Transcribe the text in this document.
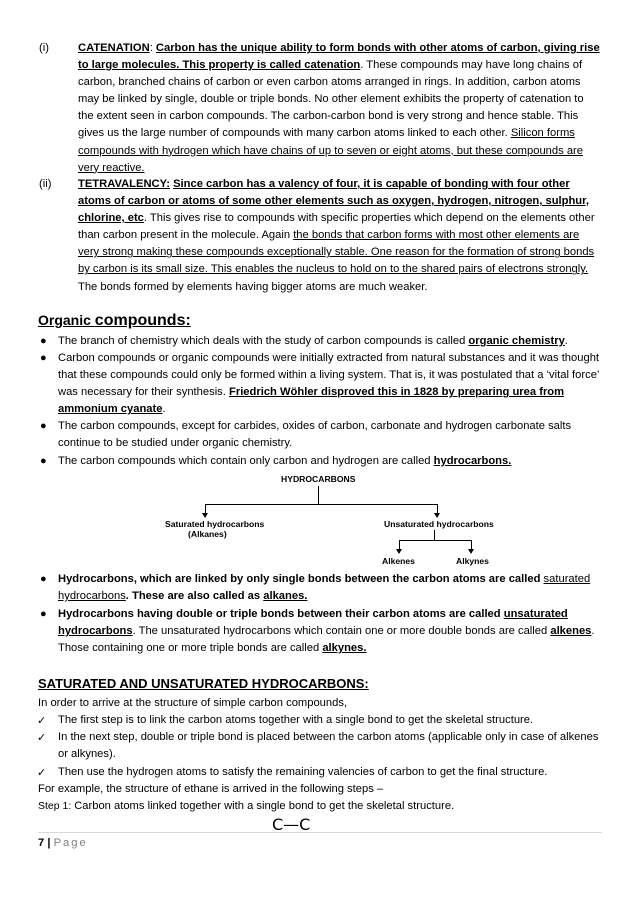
(i)	CATENATION: Carbon has the unique ability to form bonds with other atoms of carbon, giving rise to large molecules. This property is called catenation. These compounds may have long chains of carbon, branched chains of carbon or even carbon atoms arranged in rings. In addition, carbon atoms may be linked by single, double or triple bonds. No other element exhibits the property of catenation to the extent seen in carbon compounds. The carbon-carbon bond is very strong and hence stable. This gives us the large number of compounds with many carbon atoms linked to each other. Silicon forms compounds with hydrogen which have chains of up to seven or eight atoms, but these compounds are very reactive.
(ii) TETRAVALENCY: Since carbon has a valency of four, it is capable of bonding with four other atoms of carbon or atoms of some other elements such as oxygen, hydrogen, nitrogen, sulphur, chlorine, etc. This gives rise to compounds with specific properties which depend on the elements other than carbon present in the molecule. Again the bonds that carbon forms with most other elements are very strong making these compounds exceptionally stable. One reason for the formation of strong bonds by carbon is its small size. This enables the nucleus to hold on to the shared pairs of electrons strongly. The bonds formed by elements having bigger atoms are much weaker.
Organic compounds:
● The branch of chemistry which deals with the study of carbon compounds is called organic chemistry.
● Carbon compounds or organic compounds were initially extracted from natural substances and it was thought that these compounds could only be formed within a living system. That is, it was postulated that a ‘vital force’ was necessary for their synthesis. Friedrich Wöhler disproved this in 1828 by preparing urea from ammonium cyanate.
● The carbon compounds, except for carbides, oxides of carbon, carbonate and hydrogen carbonate salts continue to be studied under organic chemistry.
● The carbon compounds which contain only carbon and hydrogen are called hydrocarbons.
HYDROCARBONS
Saturated hydrocarbons
(Alkanes)
Unsaturated hydrocarbons
Alkenes	Alkynes
● Hydrocarbons, which are linked by only single bonds between the carbon atoms are called saturated hydrocarbons. These are also called as alkanes.
● Hydrocarbons having double or triple bonds between their carbon atoms are called unsaturated hydrocarbons. The unsaturated hydrocarbons which contain one or more double bonds are called alkenes. Those containing one or more triple bonds are called alkynes.
SATURATED AND UNSATURATED HYDROCARBONS:
In order to arrive at the structure of simple carbon compounds,
✓ The first step is to link the carbon atoms together with a single bond to get the skeletal structure.
✓ In the next step, double or triple bond is placed between the carbon atoms (applicable only in case of alkenes or alkynes).
✓ Then use the hydrogen atoms to satisfy the remaining valencies of carbon to get the final structure.
For example, the structure of ethane is arrived in the following steps –
Step 1: Carbon atoms linked together with a single bond to get the skeletal structure.
C—C
7 | Page
